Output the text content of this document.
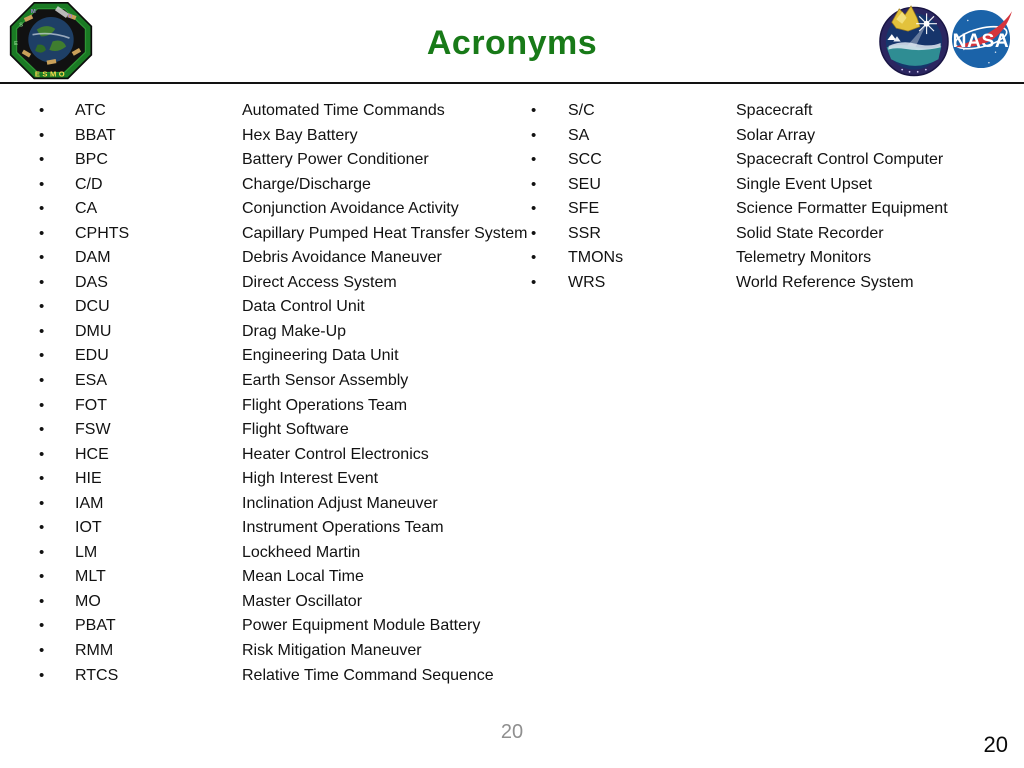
M
O
S
E
ESMO
Acronyms	NASA
•	ATC	Automated Time Commands
•	BBAT	Hex Bay Battery
•	BPC	Battery Power Conditioner
•	C/D	Charge/Discharge
•	CA	Conjunction Avoidance Activity
•	CPHTS	Capillary Pumped Heat Transfer System
•	DAM	Debris Avoidance Maneuver
•	DAS	Direct Access System
•	DCU	Data Control Unit
•	DMU	Drag Make-Up
•	EDU	Engineering Data Unit
•	ESA	Earth Sensor Assembly
•	FOT	Flight Operations Team
•	FSW	Flight Software
•	HCE	Heater Control Electronics
•	HIE	High Interest Event
•	IAM	Inclination Adjust Maneuver
•	IOT	Instrument Operations Team
•	LM	Lockheed Martin
•	MLT	Mean Local Time
•	MO	Master Oscillator
•	PBAT	Power Equipment Module Battery
•	RMM	Risk Mitigation Maneuver
•	RTCS	Relative Time Command Sequence
•	S/C	Spacecraft
•	SA	Solar Array
•	SCC	Spacecraft Control Computer
•	SEU	Single Event Upset
•	SFE	Science Formatter Equipment
•	SSR	Solid State Recorder
•	TMONs	Telemetry Monitors
•	WRS	World Reference System
20	20
